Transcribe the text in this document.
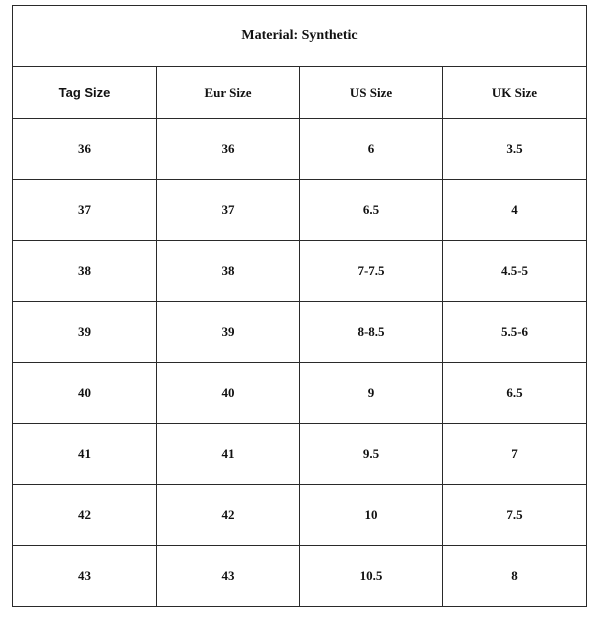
Material: Synthetic			
Tag Size	Eur Size	US Size	UK Size
36	36	6	3.5
37	37	6.5	4
38	38	7-7.5	4.5-5
39	39	8-8.5	5.5-6
40	40	9	6.5
41	41	9.5	7
42	42	10	7.5
43	43	10.5	8
